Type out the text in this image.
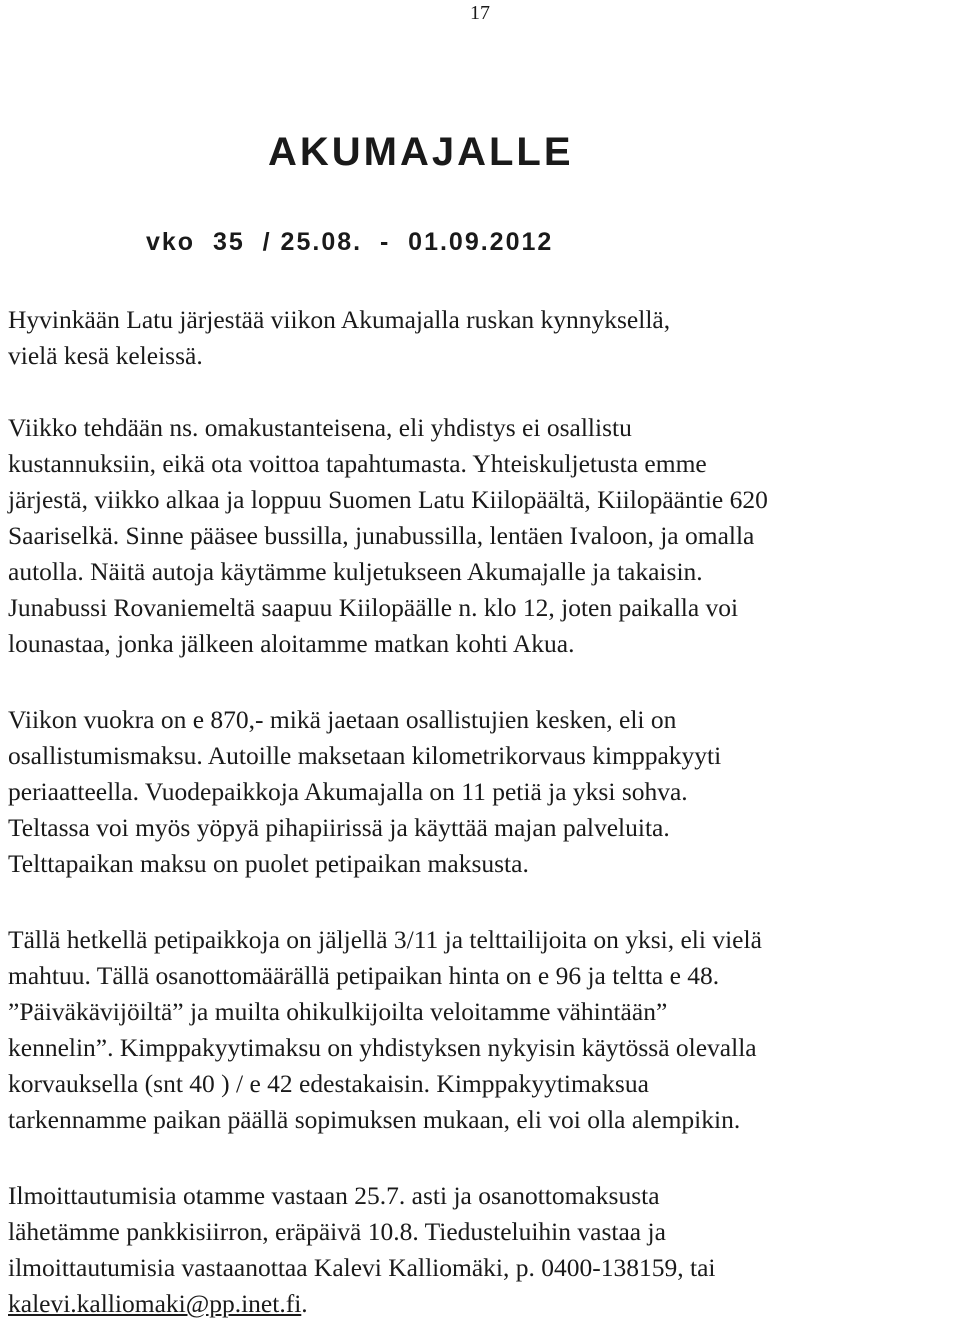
17
AKUMAJALLE
vko  35  / 25.08.  -  01.09.2012

Hyvinkään Latu järjestää viikon Akumajalla ruskan kynnyksellä,
vielä kesä keleissä.

Viikko tehdään ns. omakustanteisena, eli yhdistys ei osallistu
kustannuksiin, eikä ota voittoa tapahtumasta. Yhteiskuljetusta emme
järjestä, viikko alkaa ja loppuu Suomen Latu Kiilopäältä, Kiilopääntie 620
Saariselkä. Sinne pääsee bussilla, junabussilla, lentäen Ivaloon, ja omalla
autolla. Näitä autoja käytämme kuljetukseen Akumajalle ja takaisin.
Junabussi Rovaniemeltä saapuu Kiilopäälle n. klo 12, joten paikalla voi
lounastaa, jonka jälkeen aloitamme matkan kohti Akua.

Viikon vuokra on e 870,- mikä jaetaan osallistujien kesken, eli on
osallistumismaksu. Autoille maksetaan kilometrikorvaus kimppakyyti
periaatteella. Vuodepaikkoja Akumajalla on 11 petiä ja yksi sohva.
Teltassa voi myös yöpyä pihapiirissä ja käyttää majan palveluita.
Telttapaikan maksu on puolet petipaikan maksusta.

Tällä hetkellä petipaikkoja on jäljellä 3/11 ja telttailijoita on yksi, eli vielä
mahtuu. Tällä osanottomäärällä petipaikan hinta on e 96 ja teltta e 48.
”Päiväkävijöiltä” ja muilta ohikulkijoilta veloitamme vähintään”
kennelin”. Kimppakyytimaksu on yhdistyksen nykyisin käytössä olevalla
korvauksella (snt 40 ) / e 42 edestakaisin. Kimppakyytimaksua
tarkennamme paikan päällä sopimuksen mukaan, eli voi olla alempikin.

Ilmoittautumisia otamme vastaan 25.7. asti ja osanottomaksusta
lähetämme pankkisiirron, eräpäivä 10.8. Tiedusteluihin vastaa ja
ilmoittautumisia vastaanottaa Kalevi Kalliomäki, p. 0400-138159, tai
kalevi.kalliomaki@pp.inet.fi.
